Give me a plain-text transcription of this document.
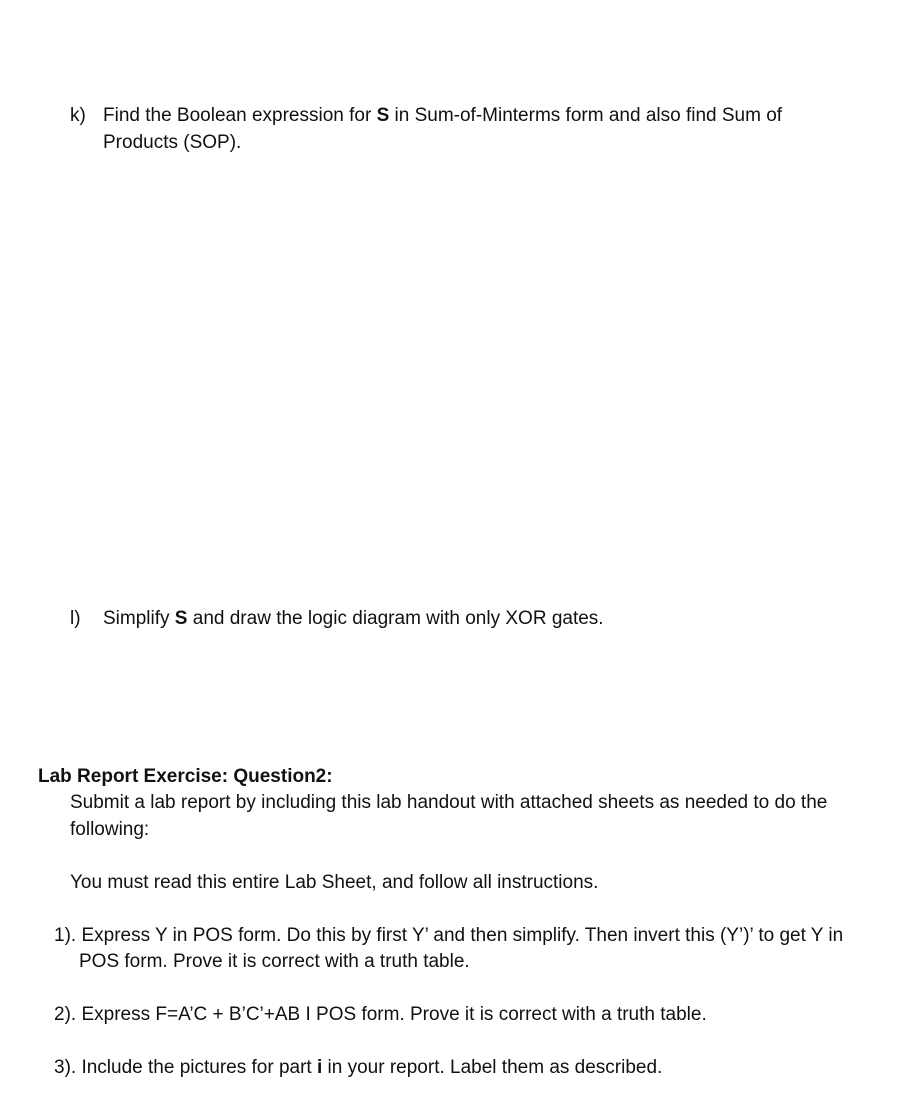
k) Find the Boolean expression for S in Sum-of-Minterms form and also find Sum of Products (SOP).
l) Simplify S and draw the logic diagram with only XOR gates.
Lab Report Exercise: Question2:
Submit a lab report by including this lab handout with attached sheets as needed to do the following:
You must read this entire Lab Sheet, and follow all instructions.
1). Express Y in POS form. Do this by first Y’ and then simplify. Then invert this (Y’)’ to get Y in POS form. Prove it is correct with a truth table.
2). Express F=A’C + B’C’+AB I POS form. Prove it is correct with a truth table.
3). Include the pictures for part i in your report. Label them as described.
